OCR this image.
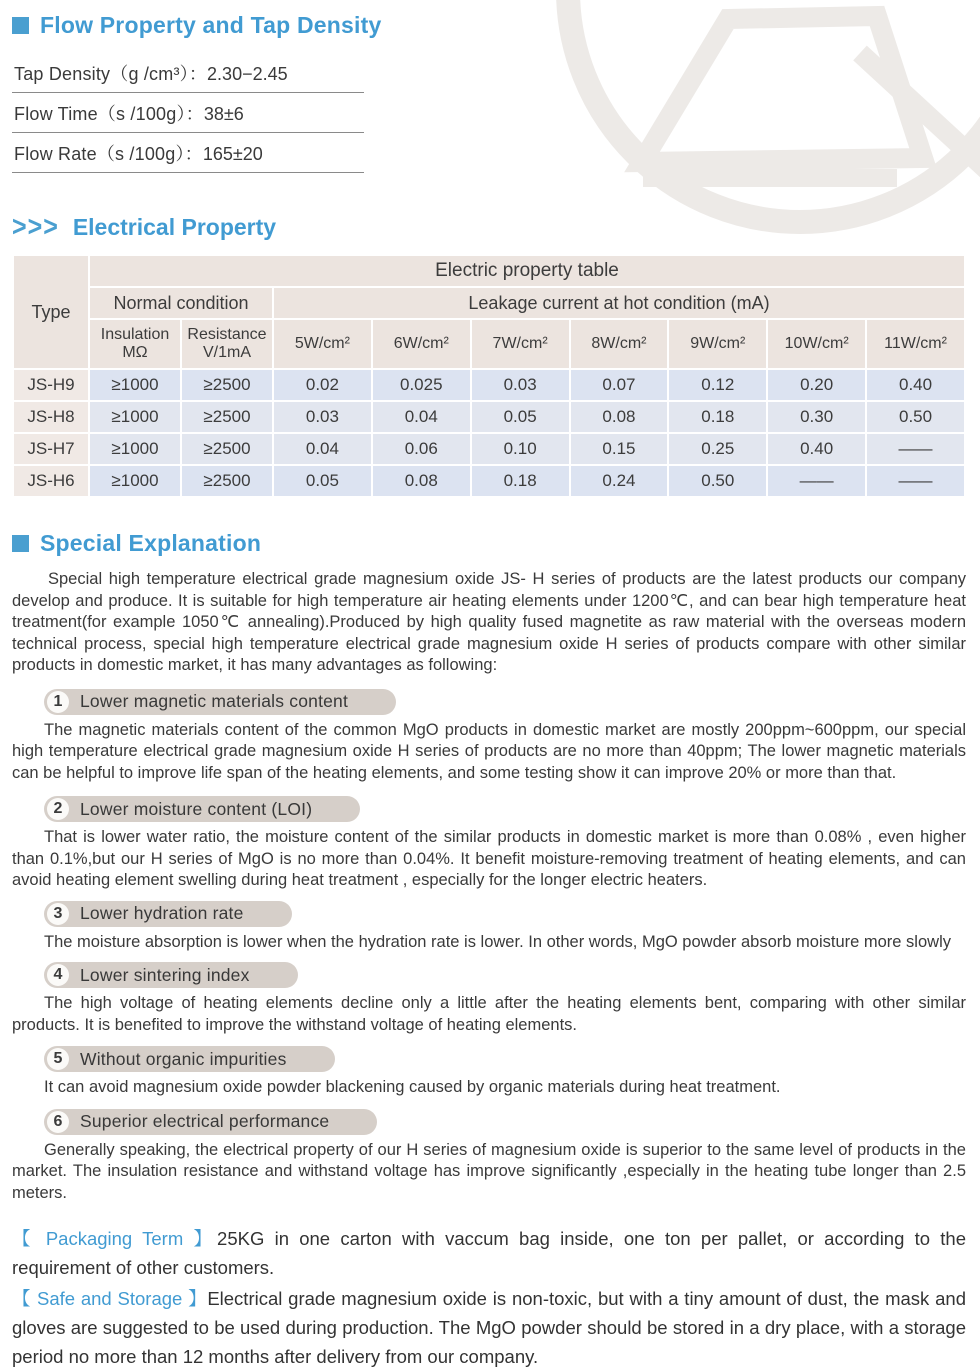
Flow Property and Tap Density
Tap Density（g /cm³）：2.30−2.45
Flow Time（s /100g）：38±6
Flow Rate（s /100g）：165±20
>>> Electrical Property
Type	Electric property table								
	Normal condition		Leakage current at hot condition (mA)						
	Insulation MΩ	Resistance V/1mA	5W/cm²	6W/cm²	7W/cm²	8W/cm²	9W/cm²	10W/cm²	11W/cm²
JS-H9	≥1000	≥2500	0.02	0.025	0.03	0.07	0.12	0.20	0.40
JS-H8	≥1000	≥2500	0.03	0.04	0.05	0.08	0.18	0.30	0.50
JS-H7	≥1000	≥2500	0.04	0.06	0.10	0.15	0.25	0.40	——
JS-H6	≥1000	≥2500	0.05	0.08	0.18	0.24	0.50	——	——
Special Explanation

Special high temperature electrical grade magnesium oxide JS- H series of products are the latest products our company develop and produce. It is suitable for high temperature air heating elements under 1200℃, and can bear high temperature heat treatment(for example 1050℃ annealing).Produced by high quality fused magnetite as raw material with the overseas modern technical process, special high temperature electrical grade magnesium oxide H series of products compare with other similar products in domestic market, it has many advantages as following:

1	Lower magnetic materials content

The magnetic materials content of the common MgO products in domestic market are mostly 200ppm~600ppm, our special high temperature electrical grade magnesium oxide H series of products are no more than 40ppm; The lower magnetic materials can be helpful to improve life span of the heating elements, and some testing show it can improve 20% or more than that.

2	Lower moisture content (LOI)

That is lower water ratio, the moisture content of the similar products in domestic market is more than 0.08% , even higher than 0.1%,but our H series of MgO is no more than 0.04%. It benefit moisture-removing treatment of heating elements, and can avoid heating element swelling during heat treatment , especially for the longer electric heaters.

3	Lower hydration rate

The moisture absorption is lower when the hydration rate is lower. In other words, MgO powder absorb moisture more slowly

4	Lower sintering index

The high voltage of heating elements decline only a little after the heating elements bent, comparing with other similar products. It is benefited to improve the withstand voltage of heating elements.

5	Without organic impurities

It can avoid magnesium oxide powder blackening caused by organic materials during heat treatment.

6	Superior electrical performance

Generally speaking, the electrical property of our H series of magnesium oxide is superior to the same level of products in the market. The insulation resistance and withstand voltage has improve significantly ,especially in the heating tube longer than 2.5 meters.

【 Packaging Term 】25KG in one carton with vaccum bag inside, one ton per pallet, or according to the requirement of other customers.

【 Safe and Storage 】Electrical grade magnesium oxide is non-toxic, but with a tiny amount of dust, the mask and gloves are suggested to be used during production. The MgO powder should be stored in a dry place, with a storage period no more than 12 months after delivery from our company.
